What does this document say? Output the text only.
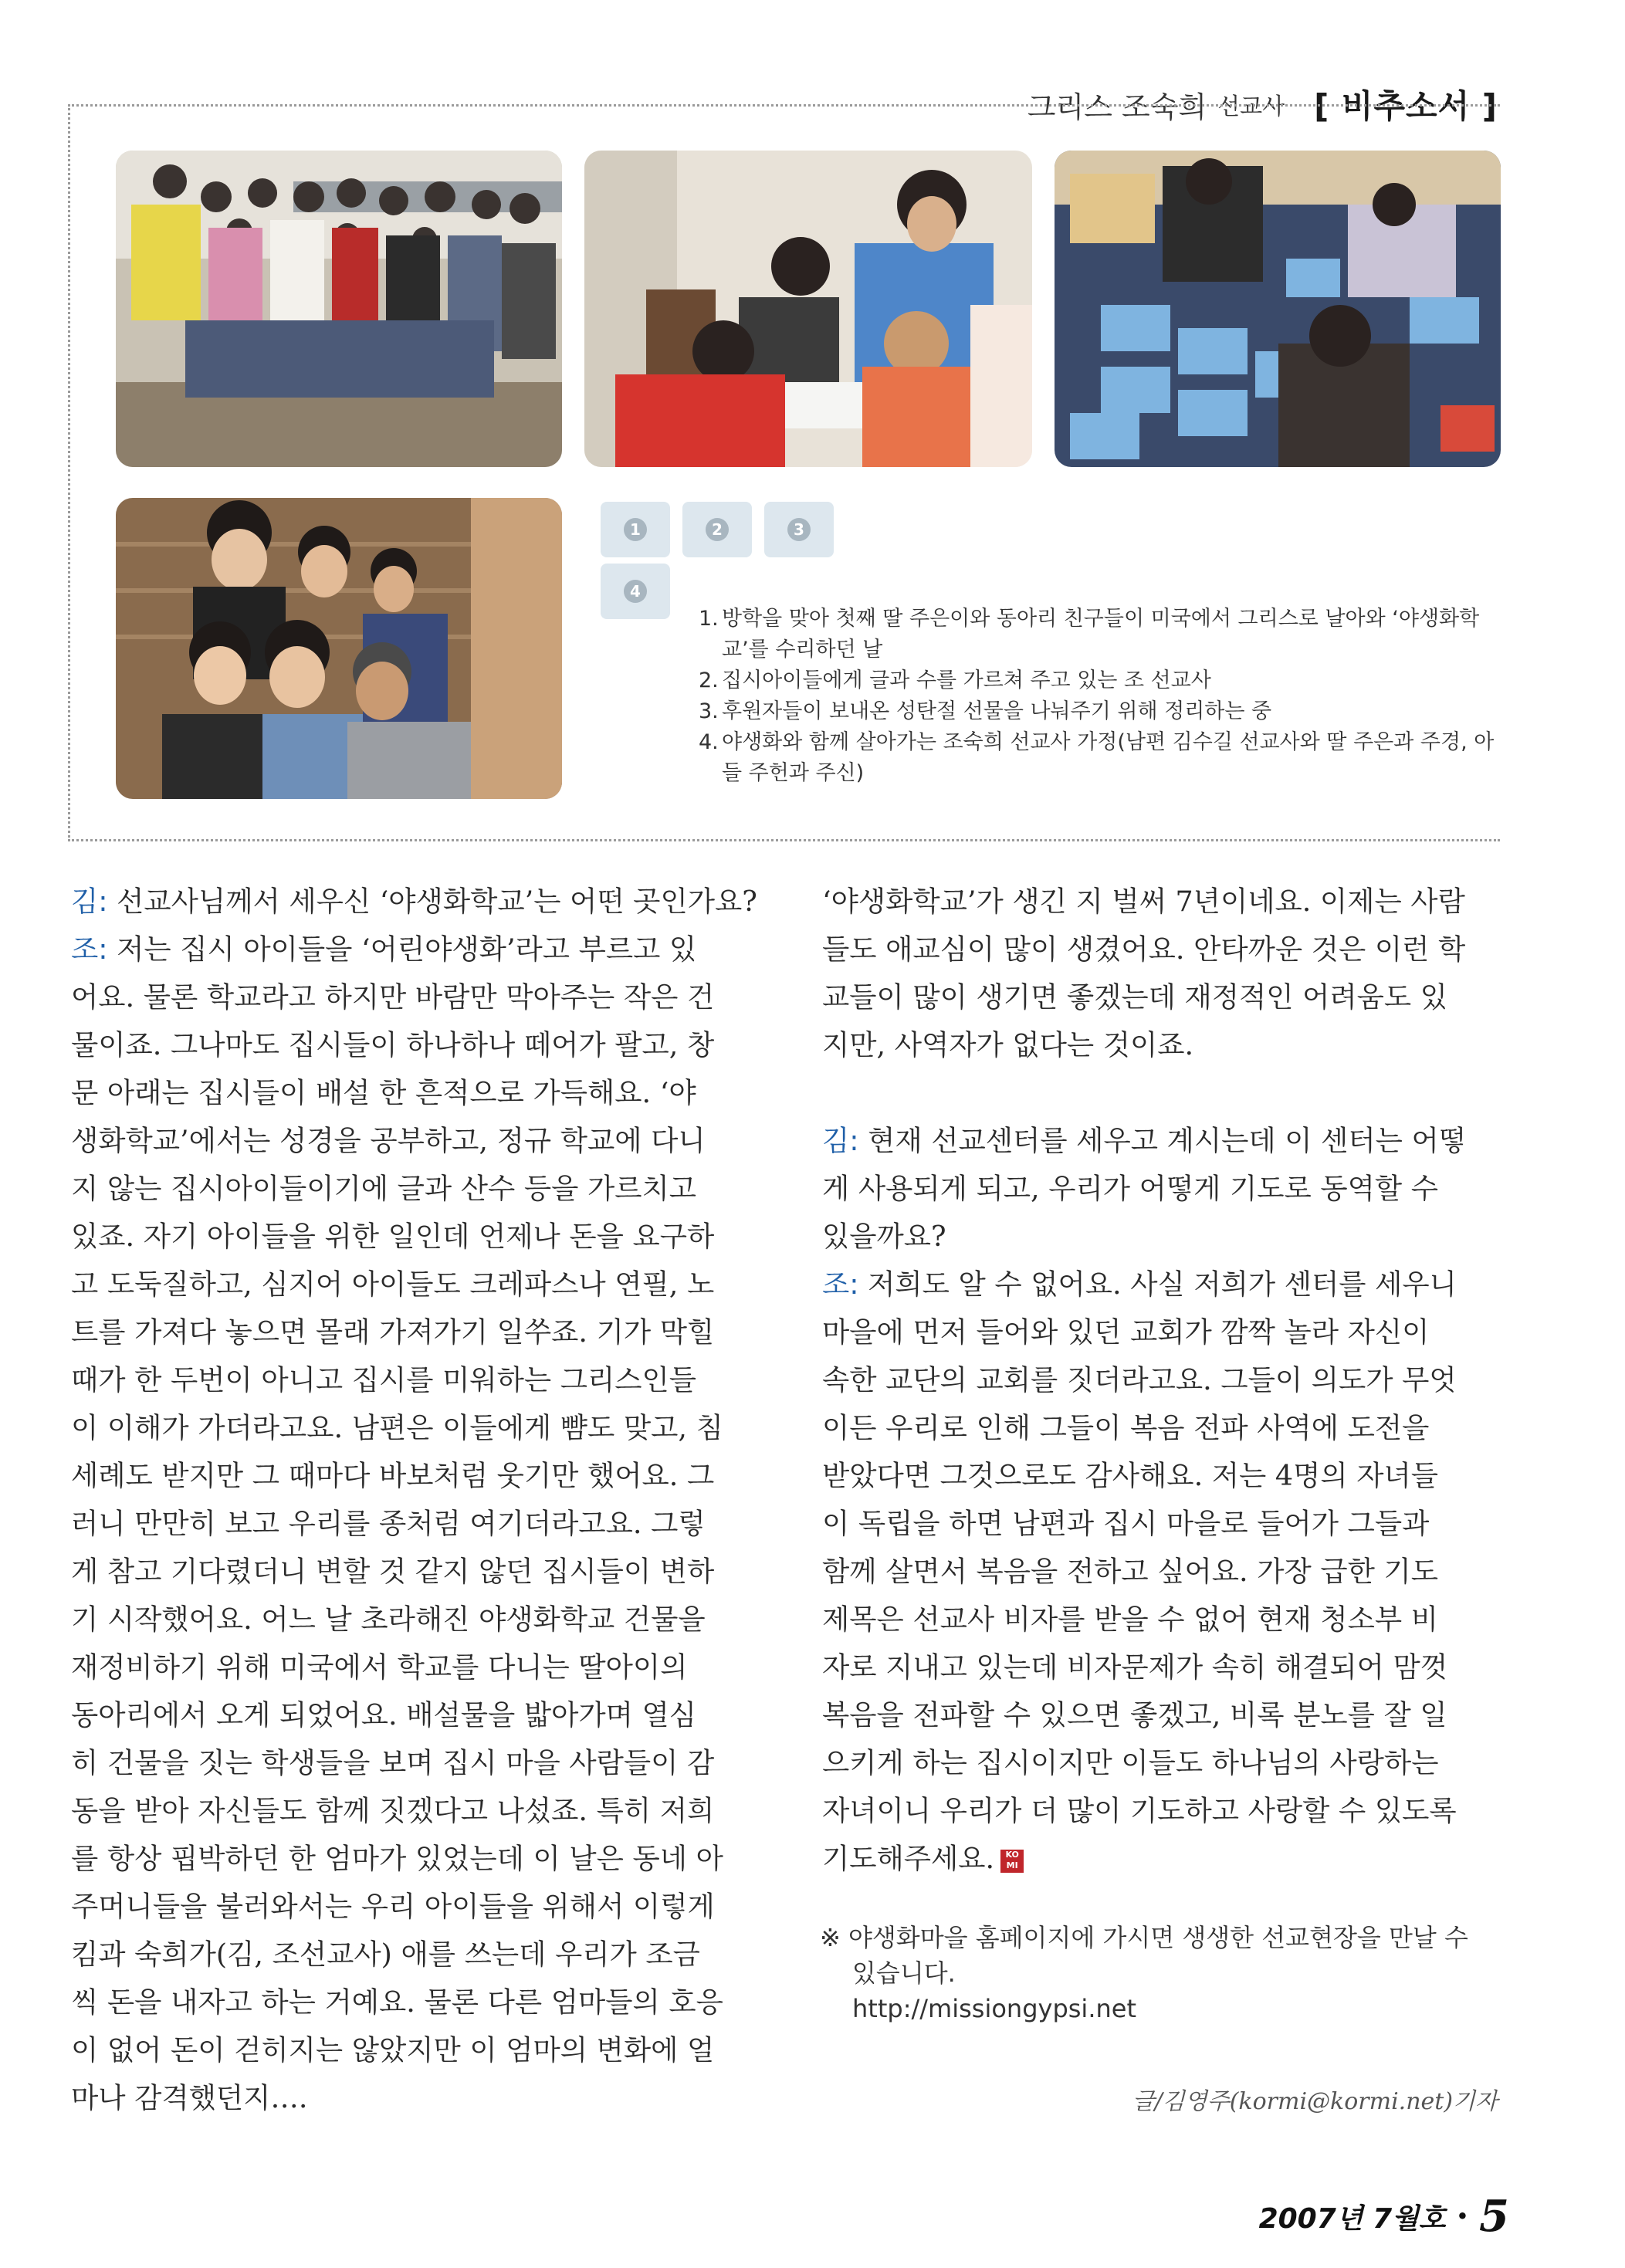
그리스 조숙희 선교사 [ 비추소서 ]
1	2	3
4
1. 방학을 맞아 첫째 딸 주은이와 동아리 친구들이 미국에서 그리스로 날아와 ‘야생화학
교’를 수리하던 날
2. 집시아이들에게 글과 수를 가르쳐 주고 있는 조 선교사
3. 후원자들이 보내온 성탄절 선물을 나눠주기 위해 정리하는 중
4. 야생화와 함께 살아가는 조숙희 선교사 가정(남편 김수길 선교사와 딸 주은과 주경, 아
들 주헌과 주신)
김: 선교사님께서 세우신 ‘야생화학교’는 어떤 곳인가요?
조: 저는 집시 아이들을 ‘어린야생화’라고 부르고 있
어요. 물론 학교라고 하지만 바람만 막아주는 작은 건
물이죠. 그나마도 집시들이 하나하나 떼어가 팔고, 창
문 아래는 집시들이 배설 한 흔적으로 가득해요. ‘야
생화학교’에서는 성경을 공부하고, 정규 학교에 다니
지 않는 집시아이들이기에 글과 산수 등을 가르치고
있죠. 자기 아이들을 위한 일인데 언제나 돈을 요구하
고 도둑질하고, 심지어 아이들도 크레파스나 연필, 노
트를 가져다 놓으면 몰래 가져가기 일쑤죠. 기가 막힐
때가 한 두번이 아니고 집시를 미워하는 그리스인들
이 이해가 가더라고요. 남편은 이들에게 뺨도 맞고, 침
세례도 받지만 그 때마다 바보처럼 웃기만 했어요. 그
러니 만만히 보고 우리를 종처럼 여기더라고요. 그렇
게 참고 기다렸더니 변할 것 같지 않던 집시들이 변하
기 시작했어요. 어느 날 초라해진 야생화학교 건물을
재정비하기 위해 미국에서 학교를 다니는 딸아이의
동아리에서 오게 되었어요. 배설물을 밟아가며 열심
히 건물을 짓는 학생들을 보며 집시 마을 사람들이 감
동을 받아 자신들도 함께 짓겠다고 나섰죠. 특히 저희
를 항상 핍박하던 한 엄마가 있었는데 이 날은 동네 아
주머니들을 불러와서는 우리 아이들을 위해서 이렇게
킴과 숙희가(김, 조선교사) 애를 쓰는데 우리가 조금
씩 돈을 내자고 하는 거예요. 물론 다른 엄마들의 호응
이 없어 돈이 걷히지는 않았지만 이 엄마의 변화에 얼
마나 감격했던지….
‘야생화학교’가 생긴 지 벌써 7년이네요. 이제는 사람
들도 애교심이 많이 생겼어요. 안타까운 것은 이런 학
교들이 많이 생기면 좋겠는데 재정적인 어려움도 있
지만, 사역자가 없다는 것이죠.
김: 현재 선교센터를 세우고 계시는데 이 센터는 어떻
게 사용되게 되고, 우리가 어떻게 기도로 동역할 수
있을까요?
조: 저희도 알 수 없어요. 사실 저희가 센터를 세우니
마을에 먼저 들어와 있던 교회가 깜짝 놀라 자신이
속한 교단의 교회를 짓더라고요. 그들이 의도가 무엇
이든 우리로 인해 그들이 복음 전파 사역에 도전을
받았다면 그것으로도 감사해요. 저는 4명의 자녀들
이 독립을 하면 남편과 집시 마을로 들어가 그들과
함께 살면서 복음을 전하고 싶어요. 가장 급한 기도
제목은 선교사 비자를 받을 수 없어 현재 청소부 비
자로 지내고 있는데 비자문제가 속히 해결되어 맘껏
복음을 전파할 수 있으면 좋겠고, 비록 분노를 잘 일
으키게 하는 집시이지만 이들도 하나님의 사랑하는
자녀이니 우리가 더 많이 기도하고 사랑할 수 있도록
기도해주세요. KO
MI
※ 야생화마을 홈페이지에 가시면 생생한 선교현장을 만날 수
있습니다.
http://missiongypsi.net
글/김영주(kormi@kormi.net)기자
2007년 7월호 • 5
